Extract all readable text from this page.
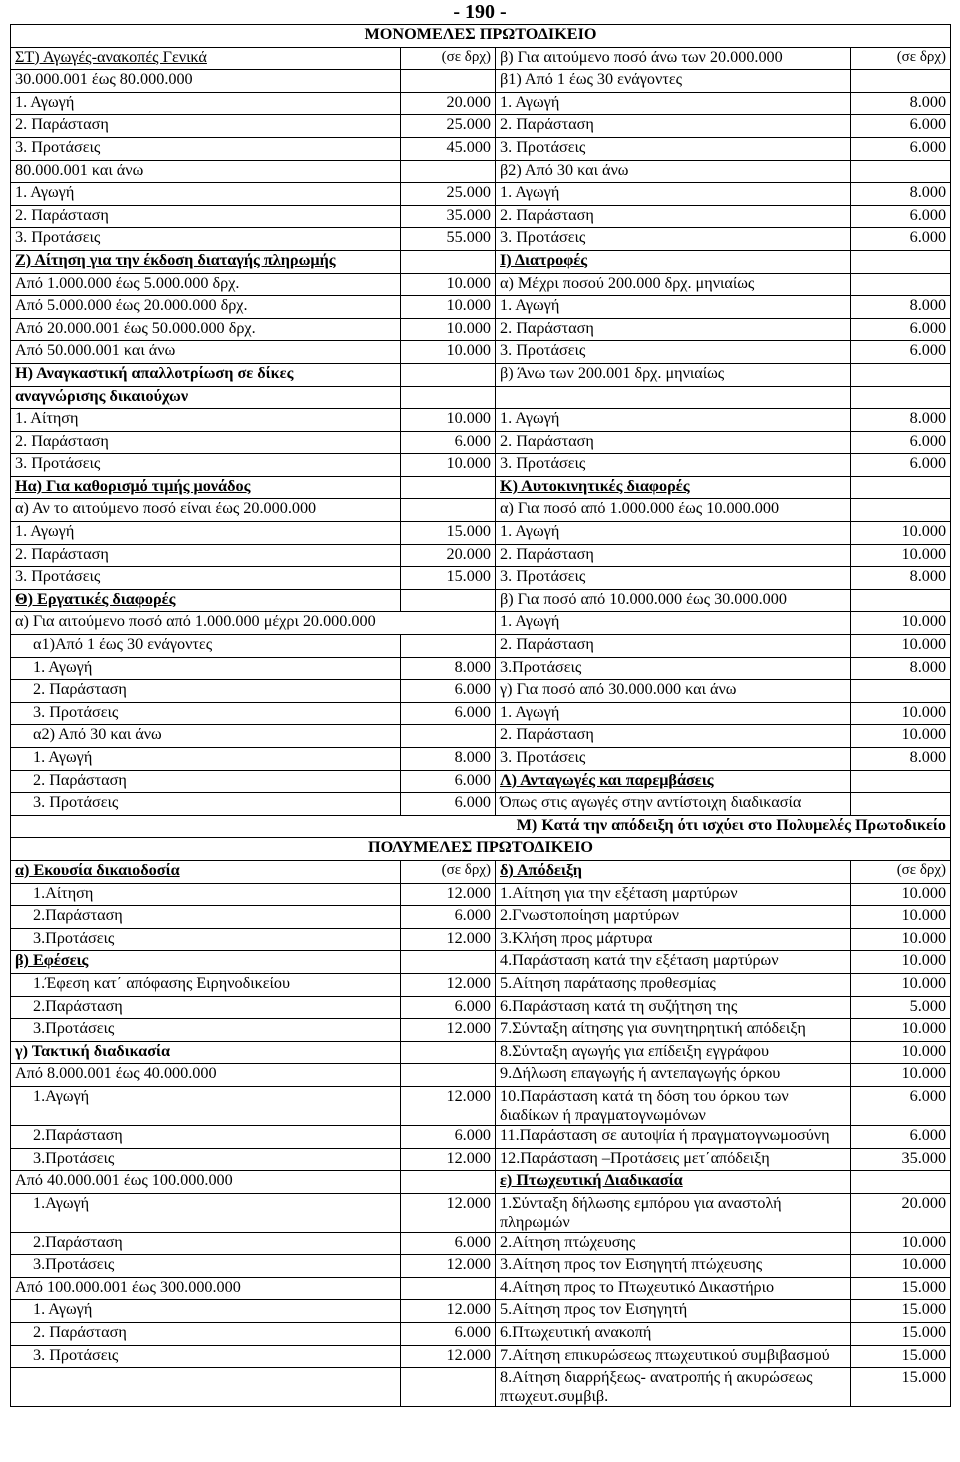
- 190 -
ΜΟΝΟΜΕΛΕΣ ΠΡΩΤΟΔΙΚΕΙΟ			
ΣΤ) Αγωγές-ανακοπές Γενικά	(σε δρχ)	β) Για αιτούμενο ποσό άνω των 20.000.000	(σε δρχ)
30.000.001 έως 80.000.000		β1) Από 1 έως 30 ενάγοντες	
1. Αγωγή	20.000	1. Αγωγή	8.000
2. Παράσταση	25.000	2. Παράσταση	6.000
3. Προτάσεις	45.000	3. Προτάσεις	6.000
80.000.001 και άνω		β2) Από 30 και άνω	
1. Αγωγή	25.000	1. Αγωγή	8.000
2. Παράσταση	35.000	2. Παράσταση	6.000
3. Προτάσεις	55.000	3. Προτάσεις	6.000
Ζ) Αίτηση για την έκδοση διαταγής πληρωμής		Ι) Διατροφές	
Από 1.000.000 έως 5.000.000 δρχ.	10.000	α) Μέχρι ποσού 200.000 δρχ. μηνιαίως	
Από 5.000.000 έως 20.000.000 δρχ.	10.000	1. Αγωγή	8.000
Από 20.000.001 έως 50.000.000 δρχ.	10.000	2. Παράσταση	6.000
Από 50.000.001 και άνω	10.000	3. Προτάσεις	6.000
Η) Αναγκαστική απαλλοτρίωση σε δίκες		β) Άνω των 200.001 δρχ. μηνιαίως	
αναγνώρισης δικαιούχων			
1. Αίτηση	10.000	1. Αγωγή	8.000
2. Παράσταση	6.000	2. Παράσταση	6.000
3. Προτάσεις	10.000	3. Προτάσεις	6.000
Ηα) Για καθορισμό τιμής μονάδος		Κ) Αυτοκινητικές διαφορές	
α) Αν το αιτούμενο ποσό είναι έως 20.000.000		α) Για ποσό από 1.000.000 έως 10.000.000	
1. Αγωγή	15.000	1. Αγωγή	10.000
2. Παράσταση	20.000	2. Παράσταση	10.000
3. Προτάσεις	15.000	3. Προτάσεις	8.000
Θ) Εργατικές διαφορές		β) Για ποσό από 10.000.000 έως 30.000.000	
α) Για αιτούμενο ποσό από 1.000.000 μέχρι 20.000.000		1. Αγωγή	10.000
α1)Από 1 έως 30 ενάγοντες		2. Παράσταση	10.000
1. Αγωγή	8.000	3.Προτάσεις	8.000
2. Παράσταση	6.000	γ) Για ποσό από 30.000.000 και άνω	
3. Προτάσεις	6.000	1. Αγωγή	10.000
α2) Από 30 και άνω		2. Παράσταση	10.000
1. Αγωγή	8.000	3. Προτάσεις	8.000
2. Παράσταση	6.000	Λ) Ανταγωγές και παρεμβάσεις	
3. Προτάσεις	6.000	Όπως στις αγωγές στην αντίστοιχη διαδικασία	
Μ) Κατά την απόδειξη ότι ισχύει στο Πολυμελές Πρωτοδικείο			
ΠΟΛΥΜΕΛΕΣ ΠΡΩΤΟΔΙΚΕΙΟ			
α) Εκουσία δικαιοδοσία	(σε δρχ)	δ) Απόδειξη	(σε δρχ)
1.Αίτηση	12.000	1.Αίτηση για την εξέταση μαρτύρων	10.000
2.Παράσταση	6.000	2.Γνωστοποίηση μαρτύρων	10.000
3.Προτάσεις	12.000	3.Κλήση προς μάρτυρα	10.000
β) Εφέσεις		4.Παράσταση κατά την εξέταση μαρτύρων	10.000
1.Έφεση κατ΄ απόφασης Ειρηνοδικείου	12.000	5.Αίτηση παράτασης προθεσμίας	10.000
2.Παράσταση	6.000	6.Παράσταση κατά τη συζήτηση της	5.000
3.Προτάσεις	12.000	7.Σύνταξη αίτησης για συνητηρητική απόδειξη	10.000
γ) Τακτική διαδικασία		8.Σύνταξη αγωγής για επίδειξη εγγράφου	10.000
Από 8.000.001 έως 40.000.000		9.Δήλωση επαγωγής ή αντεπαγωγής όρκου	10.000
1.Αγωγή	12.000	10.Παράσταση κατά τη δόση του όρκου των διαδίκων ή πραγματογνωμόνων	6.000
2.Παράσταση	6.000	11.Παράσταση σε αυτοψία ή πραγματογνωμοσύνη	6.000
3.Προτάσεις	12.000	12.Παράσταση –Προτάσεις μετ΄απόδειξη	35.000
Από 40.000.001 έως 100.000.000		ε) Πτωχευτική Διαδικασία	
1.Αγωγή	12.000	1.Σύνταξη δήλωσης εμπόρου για αναστολή πληρωμών	20.000
2.Παράσταση	6.000	2.Αίτηση πτώχευσης	10.000
3.Προτάσεις	12.000	3.Αίτηση προς τον Εισηγητή πτώχευσης	10.000
Από 100.000.001 έως 300.000.000		4.Αίτηση προς το Πτωχευτικό Δικαστήριο	15.000
1. Αγωγή	12.000	5.Αίτηση προς τον Εισηγητή	15.000
2. Παράσταση	6.000	6.Πτωχευτική ανακοπή	15.000
3. Προτάσεις	12.000	7.Αίτηση επικυρώσεως πτωχευτικού συμβιβασμού	15.000
		8.Αίτηση διαρρήξεως- ανατροπής ή ακυρώσεως πτωχευτ.συμβιβ.	15.000
